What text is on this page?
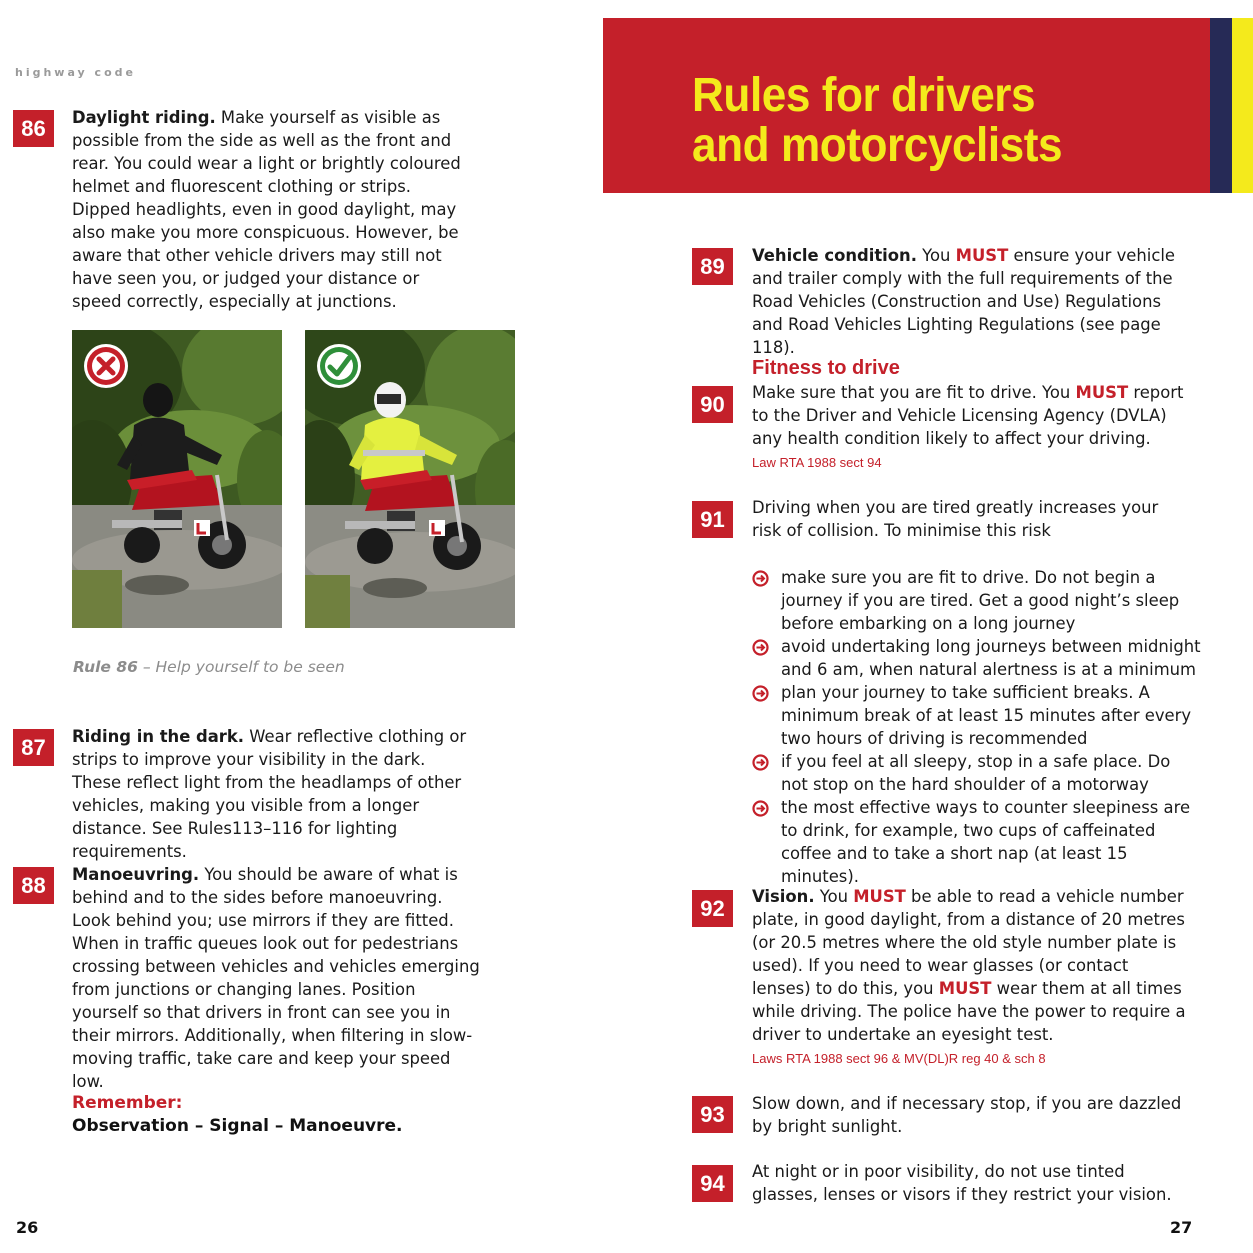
highway code
86	Daylight riding. Make yourself as visible as possible from the side as well as the front and rear. You could wear a light or brightly coloured helmet and fluorescent clothing or strips. Dipped headlights, even in good daylight, may also make you more conspicuous. However, be aware that other vehicle drivers may still not have seen you, or judged your distance or speed correctly, especially at junctions.

Rule 86 – Help yourself to be seen
87	Riding in the dark. Wear reflective clothing or strips to improve your visibility in the dark. These reflect light from the headlamps of other vehicles, making you visible from a longer distance. See Rules113–116 for lighting requirements.

88	Manoeuvring. You should be aware of what is behind and to the sides before manoeuvring. Look behind you; use mirrors if they are fitted. When in traffic queues look out for pedestrians crossing between vehicles and vehicles emerging from junctions or changing lanes. Position yourself so that drivers in front can see you in their mirrors. Additionally, when filtering in slow-moving traffic, take care and keep your speed low.

Remember:
Observation – Signal – Manoeuvre.
26
Rules for drivers
and motorcyclists
89	Vehicle condition. You MUST ensure your vehicle and trailer comply with the full requirements of the Road Vehicles (Construction and Use) Regulations and Road Vehicles Lighting Regulations (see page 118).

Fitness to drive
90	Make sure that you are fit to drive. You MUST report to the Driver and Vehicle Licensing Agency (DVLA) any health condition likely to affect your driving.

Law RTA 1988 sect 94
91	Driving when you are tired greatly increases your risk of collision. To minimise this risk

make sure you are fit to drive. Do not begin a journey if you are tired. Get a good night’s sleep before embarking on a long journey
avoid undertaking long journeys between midnight and 6 am, when natural alertness is at a minimum
plan your journey to take sufficient breaks. A minimum break of at least 15 minutes after every two hours of driving is recommended
if you feel at all sleepy, stop in a safe place. Do not stop on the hard shoulder of a motorway
the most effective ways to counter sleepiness are to drink, for example, two cups of caffeinated coffee and to take a short nap (at least 15 minutes).
92	Vision. You MUST be able to read a vehicle number plate, in good daylight, from a distance of 20 metres (or 20.5 metres where the old style number plate is used). If you need to wear glasses (or contact lenses) to do this, you MUST wear them at all times while driving. The police have the power to require a driver to undertake an eyesight test.

Laws RTA 1988 sect 96 & MV(DL)R reg 40 & sch 8
93	Slow down, and if necessary stop, if you are dazzled by bright sunlight.

94	At night or in poor visibility, do not use tinted glasses, lenses or visors if they restrict your vision.

27
